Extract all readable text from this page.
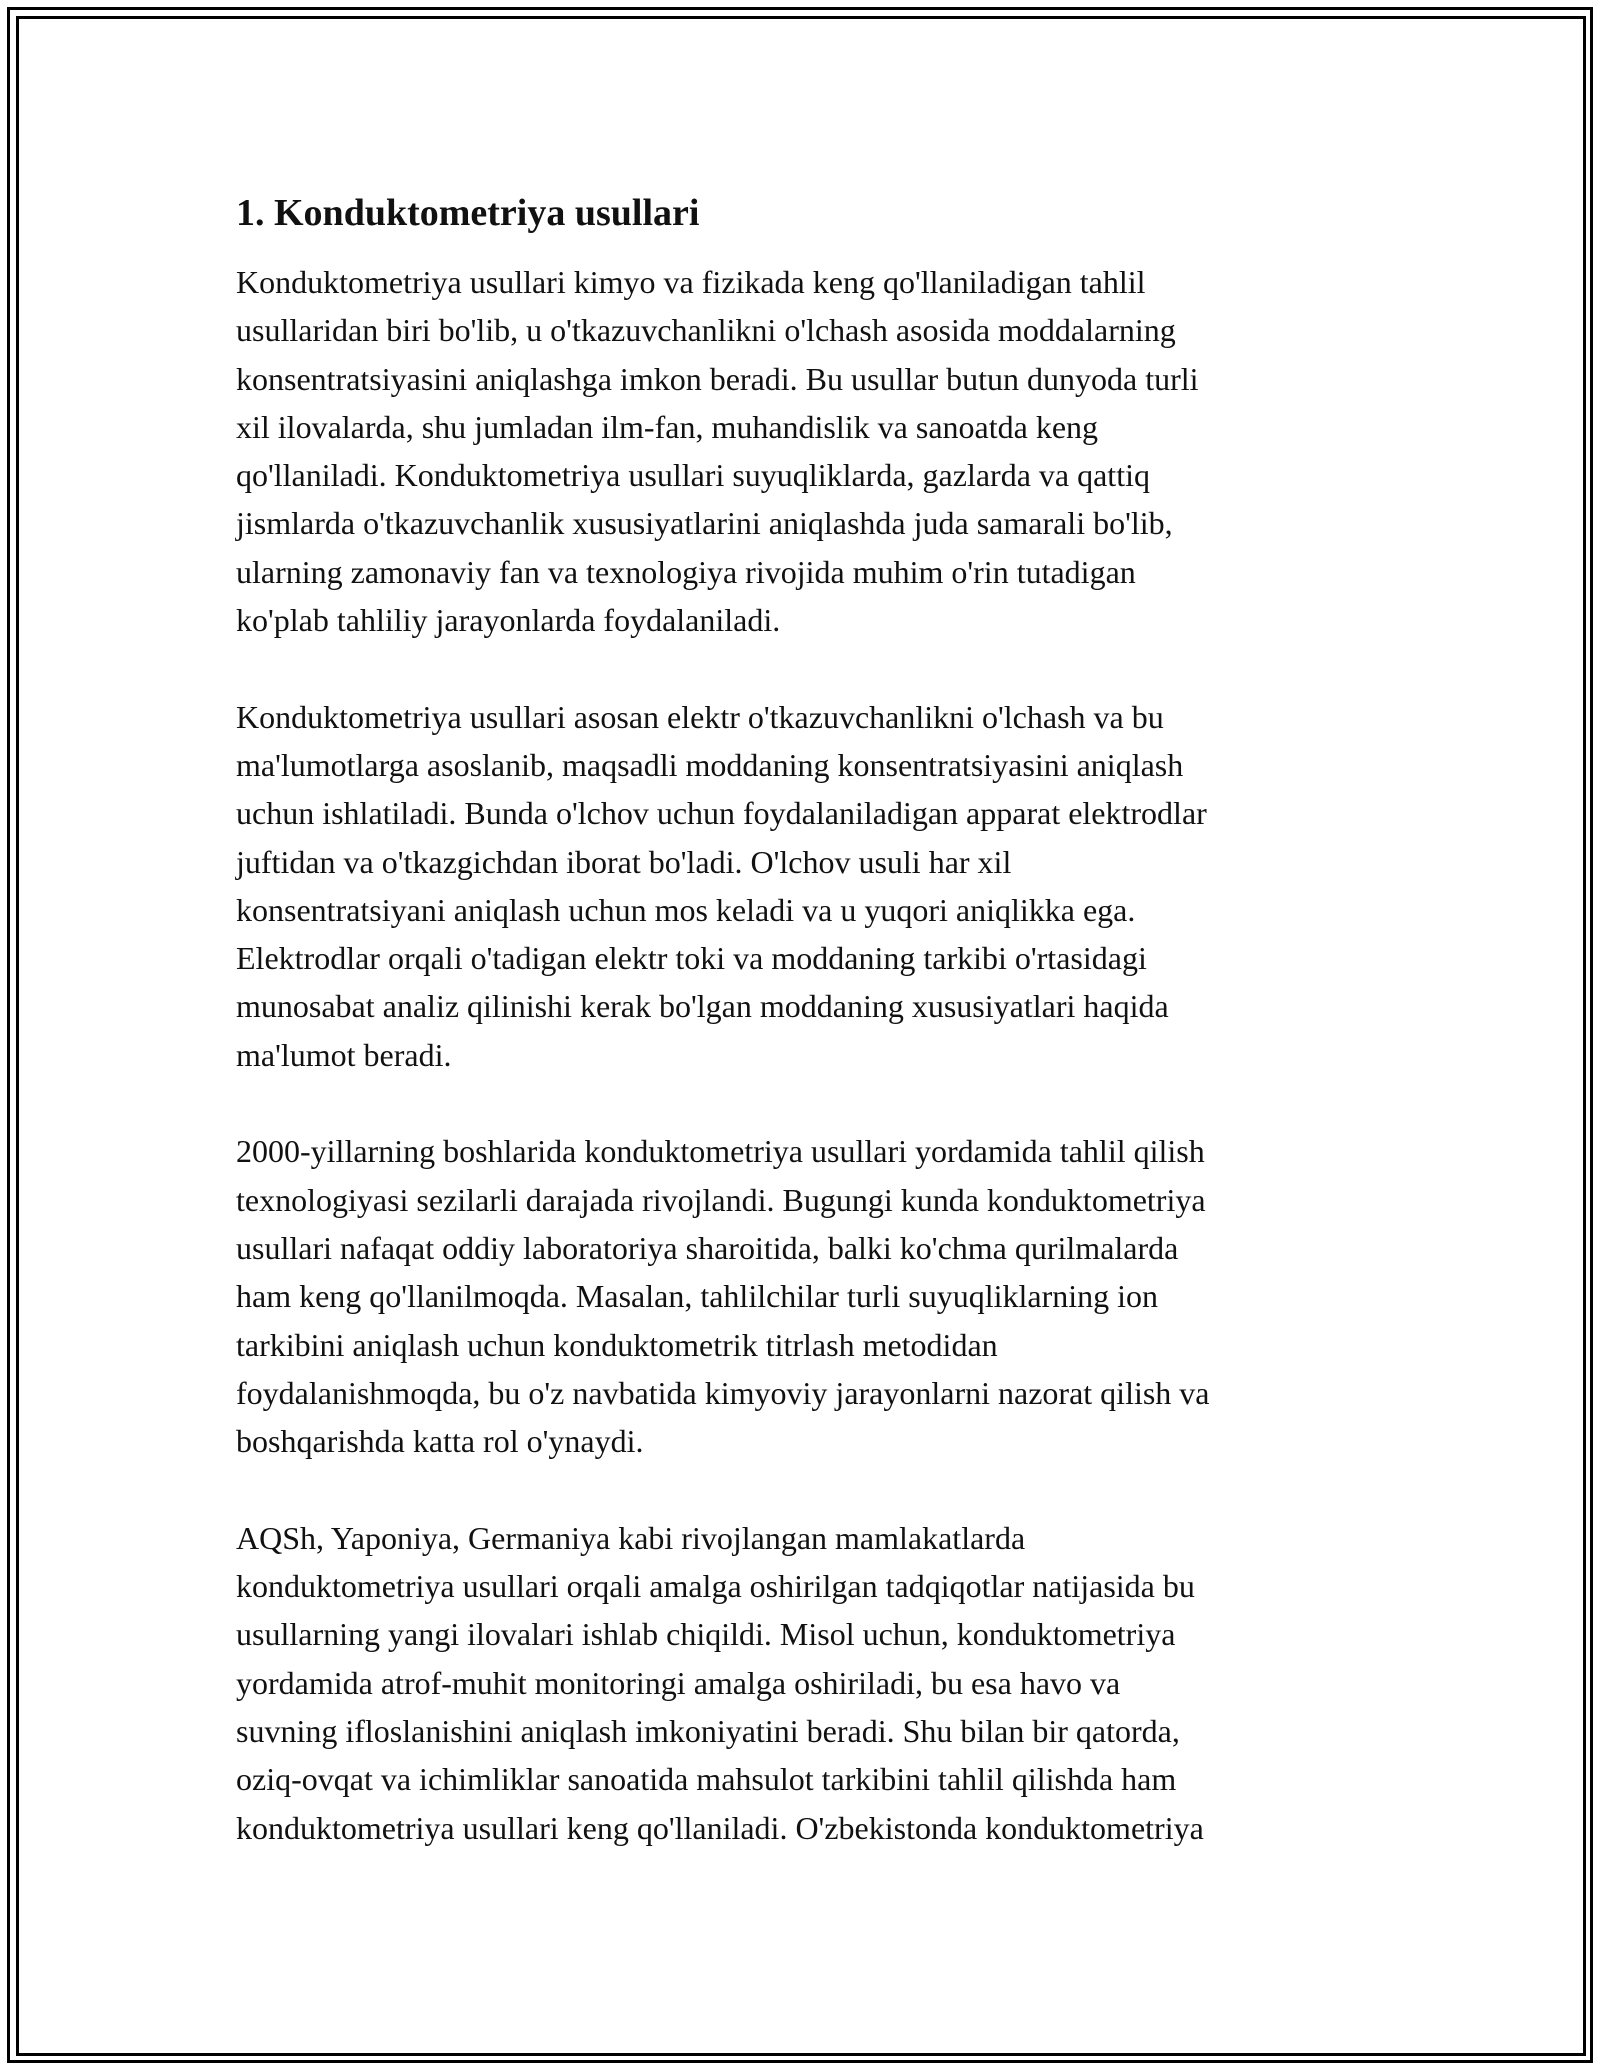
1. Konduktometriya usullari
Konduktometriya usullari kimyo va fizikada keng qo'llaniladigan tahlil
usullaridan biri bo'lib, u o'tkazuvchanlikni o'lchash asosida moddalarning
konsentratsiyasini aniqlashga imkon beradi. Bu usullar butun dunyoda turli
xil ilovalarda, shu jumladan ilm-fan, muhandislik va sanoatda keng
qo'llaniladi. Konduktometriya usullari suyuqliklarda, gazlarda va qattiq
jismlarda o'tkazuvchanlik xususiyatlarini aniqlashda juda samarali bo'lib,
ularning zamonaviy fan va texnologiya rivojida muhim o'rin tutadigan
ko'plab tahliliy jarayonlarda foydalaniladi.
Konduktometriya usullari asosan elektr o'tkazuvchanlikni o'lchash va bu
ma'lumotlarga asoslanib, maqsadli moddaning konsentratsiyasini aniqlash
uchun ishlatiladi. Bunda o'lchov uchun foydalaniladigan apparat elektrodlar
juftidan va o'tkazgichdan iborat bo'ladi. O'lchov usuli har xil
konsentratsiyani aniqlash uchun mos keladi va u yuqori aniqlikka ega.
Elektrodlar orqali o'tadigan elektr toki va moddaning tarkibi o'rtasidagi
munosabat analiz qilinishi kerak bo'lgan moddaning xususiyatlari haqida
ma'lumot beradi.
2000-yillarning boshlarida konduktometriya usullari yordamida tahlil qilish
texnologiyasi sezilarli darajada rivojlandi. Bugungi kunda konduktometriya
usullari nafaqat oddiy laboratoriya sharoitida, balki ko'chma qurilmalarda
ham keng qo'llanilmoqda. Masalan, tahlilchilar turli suyuqliklarning ion
tarkibini aniqlash uchun konduktometrik titrlash metodidan
foydalanishmoqda, bu o'z navbatida kimyoviy jarayonlarni nazorat qilish va
boshqarishda katta rol o'ynaydi.
AQSh, Yaponiya, Germaniya kabi rivojlangan mamlakatlarda
konduktometriya usullari orqali amalga oshirilgan tadqiqotlar natijasida bu
usullarning yangi ilovalari ishlab chiqildi. Misol uchun, konduktometriya
yordamida atrof-muhit monitoringi amalga oshiriladi, bu esa havo va
suvning ifloslanishini aniqlash imkoniyatini beradi. Shu bilan bir qatorda,
oziq-ovqat va ichimliklar sanoatida mahsulot tarkibini tahlil qilishda ham
konduktometriya usullari keng qo'llaniladi. O'zbekistonda konduktometriya
